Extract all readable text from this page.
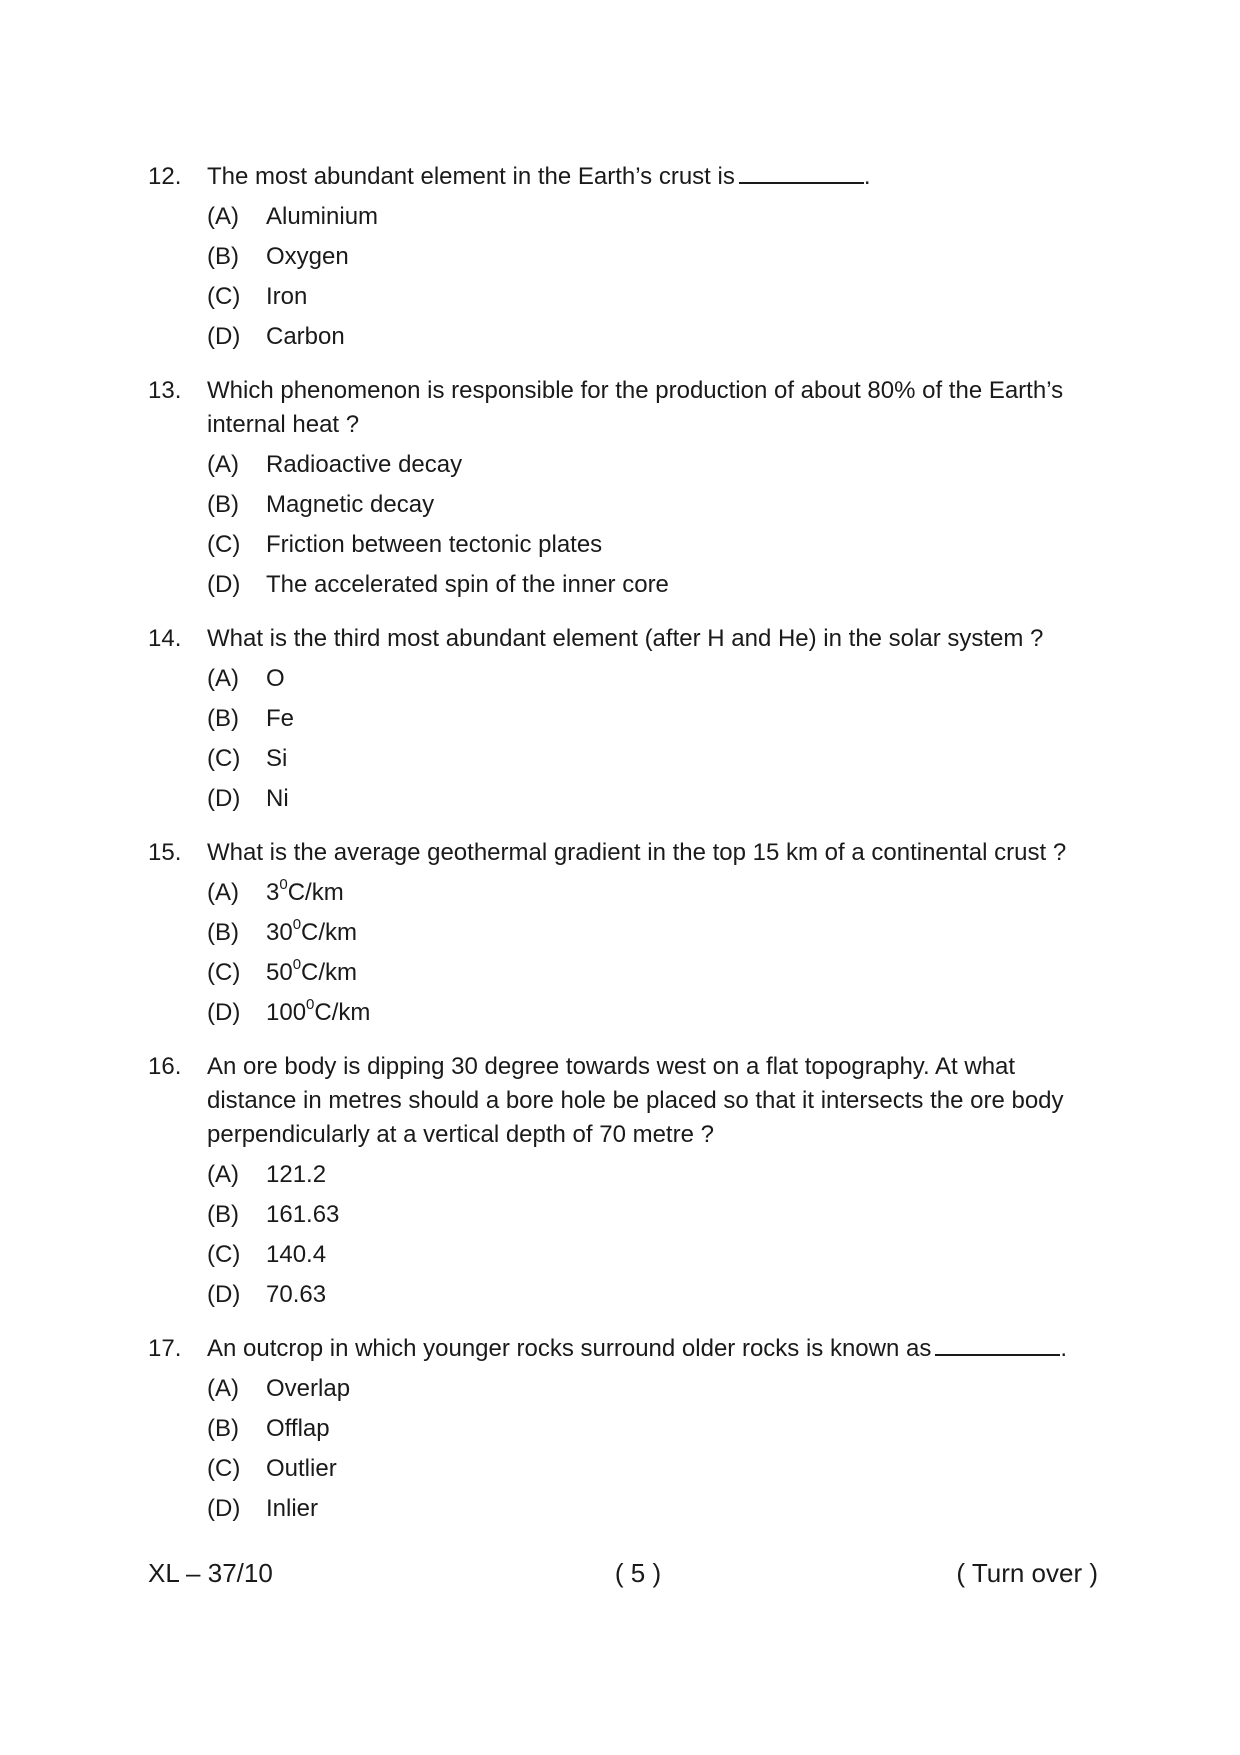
12.	The most abundant element in the Earth’s crust is	.
(A)	Aluminium
(B)	Oxygen
(C)	Iron
(D)	Carbon
13.	Which phenomenon is responsible for the production of about 80% of the Earth’s internal heat ?
(A)	Radioactive decay
(B)	Magnetic decay
(C)	Friction between tectonic plates
(D)	The accelerated spin of the inner core
14.	What is the third most abundant element (after H and He) in the solar system ?
(A)	O
(B)	Fe
(C)	Si
(D)	Ni
15.	What is the average geothermal gradient in the top 15 km of a continental crust ?
(A)	$3^0C/km$
(B)	$30^0C/km$
(C)	$50^0C/km$
(D)	$100^0C/km$
16.	An ore body is dipping 30 degree towards west on a flat topography. At what distance in metres should a bore hole be placed so that it intersects the ore body perpendicularly at a vertical depth of 70 metre ?
(A)	121.2
(B)	161.63
(C)	140.4
(D)	70.63
17.	An outcrop in which younger rocks surround older rocks is known as	.
(A)	Overlap
(B)	Offlap
(C)	Outlier
(D)	Inlier
XL – 37/10	( 5 )	( Turn over )
